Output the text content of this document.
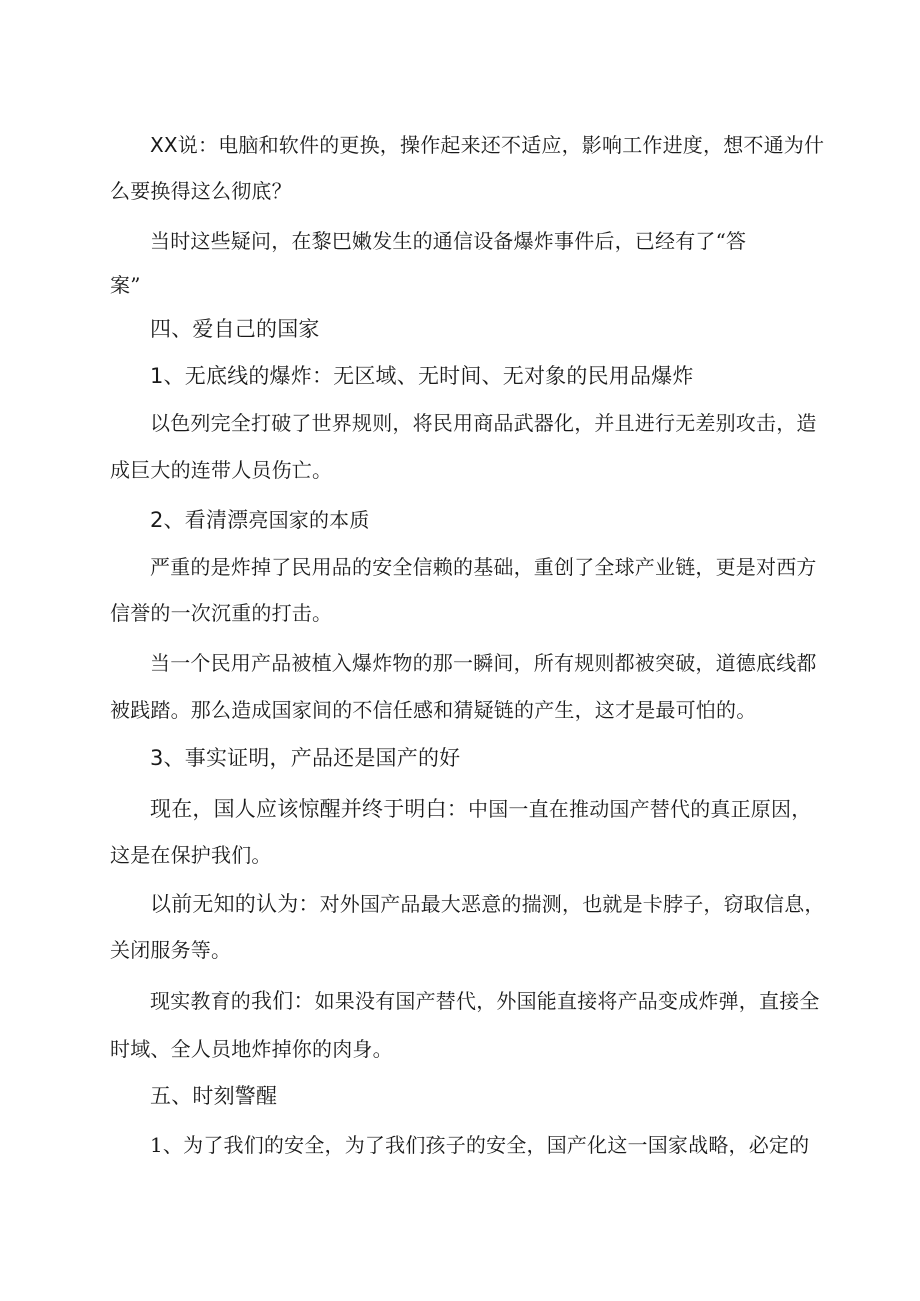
XX说：电脑和软件的更换，操作起来还不适应，影响工作进度，想不通为什
么要换得这么彻底？
当时这些疑问，在黎巴嫩发生的通信设备爆炸事件后，已经有了“答
案”
四、爱自己的国家
1、无底线的爆炸：无区域、无时间、无对象的民用品爆炸
以色列完全打破了世界规则，将民用商品武器化，并且进行无差别攻击，造
成巨大的连带人员伤亡。
2、看清漂亮国家的本质
严重的是炸掉了民用品的安全信赖的基础，重创了全球产业链，更是对西方
信誉的一次沉重的打击。
当一个民用产品被植入爆炸物的那一瞬间，所有规则都被突破，道德底线都
被践踏。那么造成国家间的不信任感和猜疑链的产生，这才是最可怕的。
3、事实证明，产品还是国产的好
现在，国人应该惊醒并终于明白：中国一直在推动国产替代的真正原因，
这是在保护我们。
以前无知的认为：对外国产品最大恶意的揣测，也就是卡脖子，窃取信息，
关闭服务等。
现实教育的我们：如果没有国产替代，外国能直接将产品变成炸弹，直接全
时域、全人员地炸掉你的肉身。
五、时刻警醒
1、为了我们的安全，为了我们孩子的安全，国产化这一国家战略，必定的
